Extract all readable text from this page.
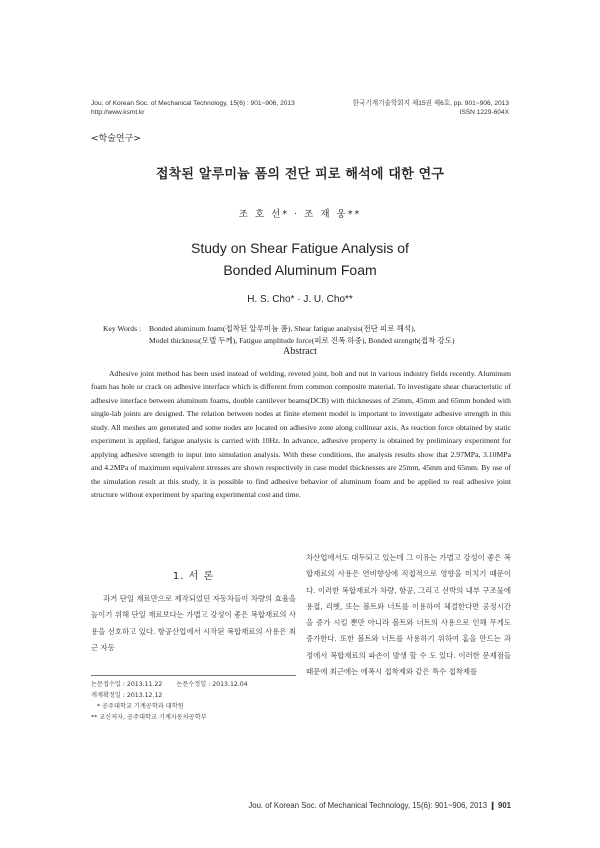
Jou. of Korean Soc. of Mechanical Technology, 15(6) : 901~906, 2013
http://www.ksmt.kr
한국기계기술학회지 제15권 제6호, pp. 901~906, 2013
ISSN 1229-604X
<학술연구>
접착된 알루미늄 폼의 전단 피로 해석에 대한 연구
조 호 선* · 조 재 웅**
Study on Shear Fatigue Analysis of
Bonded Aluminum Foam
H. S. Cho* · J. U. Cho**
Key Words : Bonded aluminum foam(접착된 알루미늄 폼), Shear fatigue analysis(전단 피로 해석),
Model thickness(모델 두께), Fatigue amplitude force(피로 진폭 하중), Bonded strength(접착 강도)
Abstract
Adhesive joint method has been used instead of welding, reveted joint, bolt and nut in various industry fields recently. Aluminum foam has hole or crack on adhesive interface which is different from common composite material. To investigate shear characteristic of adhesive interface between aluminum foams, double cantilever beams(DCB) with thicknesses of 25mm, 45mm and 65mm bonded with single-lab joints are designed. The relation between nodes at finite element model is important to investigate adhesive strength in this study. All meshes are generated and some nodes are located on adhesive zone along collinear axis. As reaction force obtained by static experiment is applied, fatigue analysis is carried with 10Hz. In advance, adhesive property is obtained by preliminary experiment for applying adhesive strength to input into simulation analysis. With these conditions, the analysis results show that 2.97MPa, 3.10MPa and 4.2MPa of maximum equivalent stresses are shown respectively in case model thicknesses are 25mm, 45mm and 65mm. By use of the simulation result at this study, it is possible to find adhesive behavior of aluminum foam and be applied to real adhesive joint structure without experiment by sparing experimental cost and time.
1. 서 론

과거 단일 재료만으로 제작되었던 자동차들이 차량의 효율을 높이기 위해 단일 재료보다는 가볍고 강성이 좋은 복합재료의 사용을 선호하고 있다. 항공산업에서 시작된 복합재료의 사용은 최근 자동

논문접수일 : 2013.11.22 논문수정일 : 2013.12.04
게재확정일 : 2013.12.12
* 공주대학교 기계공학과 대학원
** 교신저자, 공주대학교 기계자동차공학부

차산업에서도 대두되고 있는데 그 이유는 가볍고 강성이 좋은 복합재료의 사용은 연비향상에 직접적으로 영향을 미치기 때문이다. 이러한 복합재료가 차량, 항공, 그리고 선박의 내부 구조물에 용접, 리벳, 또는 볼트와 너트를 이용하여 체결한다면 공정시간을 증가 시킬 뿐만 아니라 볼트와 너트의 사용으로 인해 무게도 증가한다. 또한 볼트와 너트를 사용하기 위하여 홈을 만드는 과정에서 복합재료의 파손이 발생 할 수 도 있다. 이러한 문제점들 때문에 최근에는 에폭시 접착제와 같은 특수 접착제를

Jou. of Korean Soc. of Mechanical Technology, 15(6): 901~906, 2013 ❙ 901
